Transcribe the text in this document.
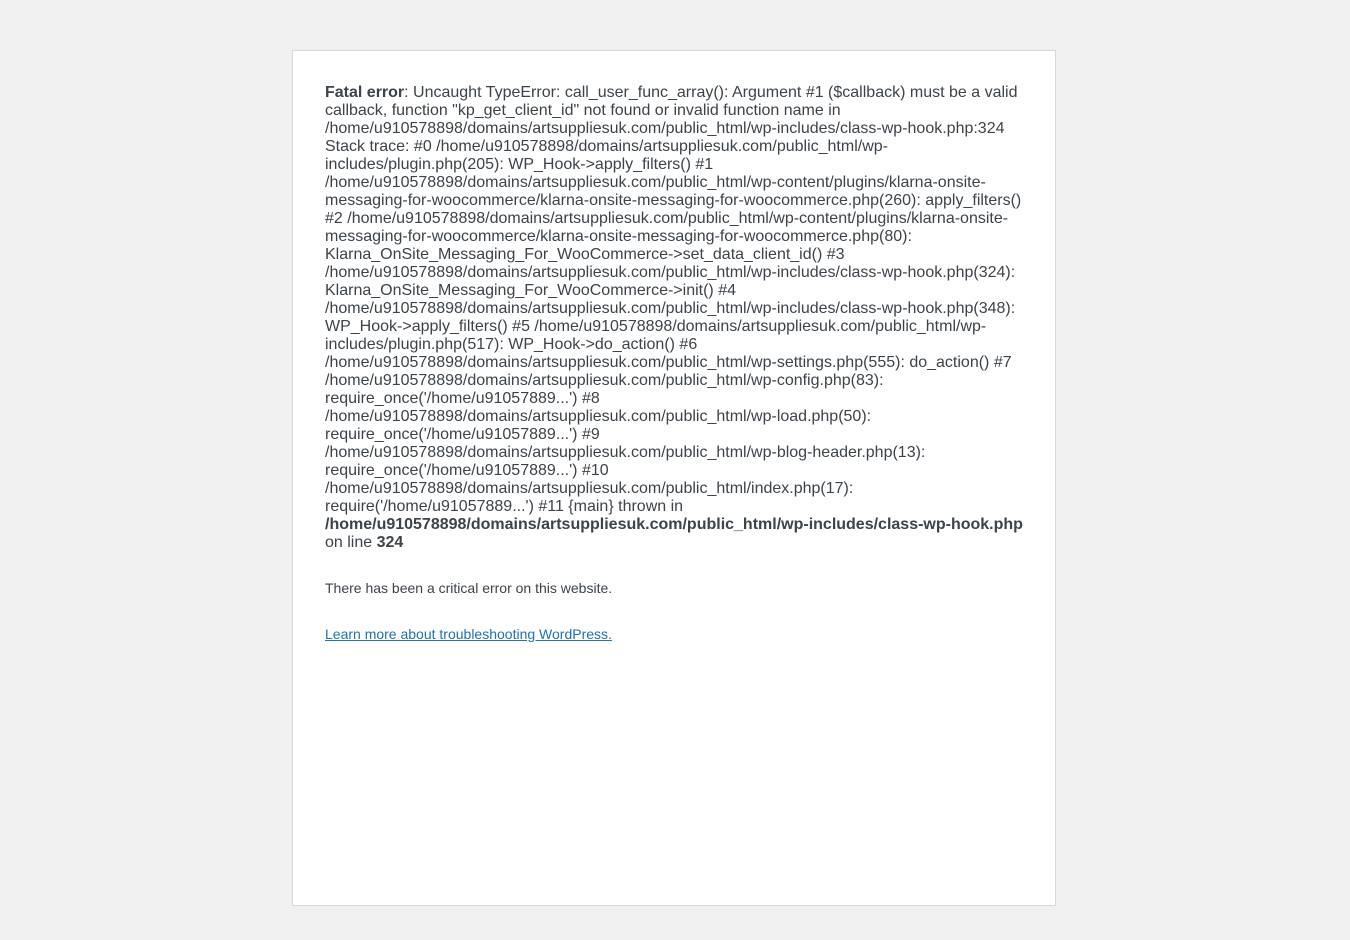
Fatal error: Uncaught TypeError: call_user_func_array(): Argument #1 ($callback) must be a valid callback, function "kp_get_client_id" not found or invalid function name in /home/u910578898/domains/artsuppliesuk.com/public_html/wp-includes/class-wp-hook.php:324 Stack trace: #0 /home/u910578898/domains/artsuppliesuk.com/public_html/wp-includes/plugin.php(205): WP_Hook->apply_filters() #1 /home/u910578898/domains/artsuppliesuk.com/public_html/wp-content/plugins/klarna-onsite-messaging-for-woocommerce/klarna-onsite-messaging-for-woocommerce.php(260): apply_filters() #2 /home/u910578898/domains/artsuppliesuk.com/public_html/wp-content/plugins/klarna-onsite-messaging-for-woocommerce/klarna-onsite-messaging-for-woocommerce.php(80): Klarna_OnSite_Messaging_For_WooCommerce->set_data_client_id() #3 /home/u910578898/domains/artsuppliesuk.com/public_html/wp-includes/class-wp-hook.php(324): Klarna_OnSite_Messaging_For_WooCommerce->init() #4 /home/u910578898/domains/artsuppliesuk.com/public_html/wp-includes/class-wp-hook.php(348): WP_Hook->apply_filters() #5 /home/u910578898/domains/artsuppliesuk.com/public_html/wp-includes/plugin.php(517): WP_Hook->do_action() #6 /home/u910578898/domains/artsuppliesuk.com/public_html/wp-settings.php(555): do_action() #7 /home/u910578898/domains/artsuppliesuk.com/public_html/wp-config.php(83): require_once('/home/u91057889...') #8 /home/u910578898/domains/artsuppliesuk.com/public_html/wp-load.php(50): require_once('/home/u91057889...') #9 /home/u910578898/domains/artsuppliesuk.com/public_html/wp-blog-header.php(13): require_once('/home/u91057889...') #10 /home/u910578898/domains/artsuppliesuk.com/public_html/index.php(17): require('/home/u91057889...') #11 {main} thrown in /home/u910578898/domains/artsuppliesuk.com/public_html/wp-includes/class-wp-hook.php on line 324

There has been a critical error on this website.

Learn more about troubleshooting WordPress.
